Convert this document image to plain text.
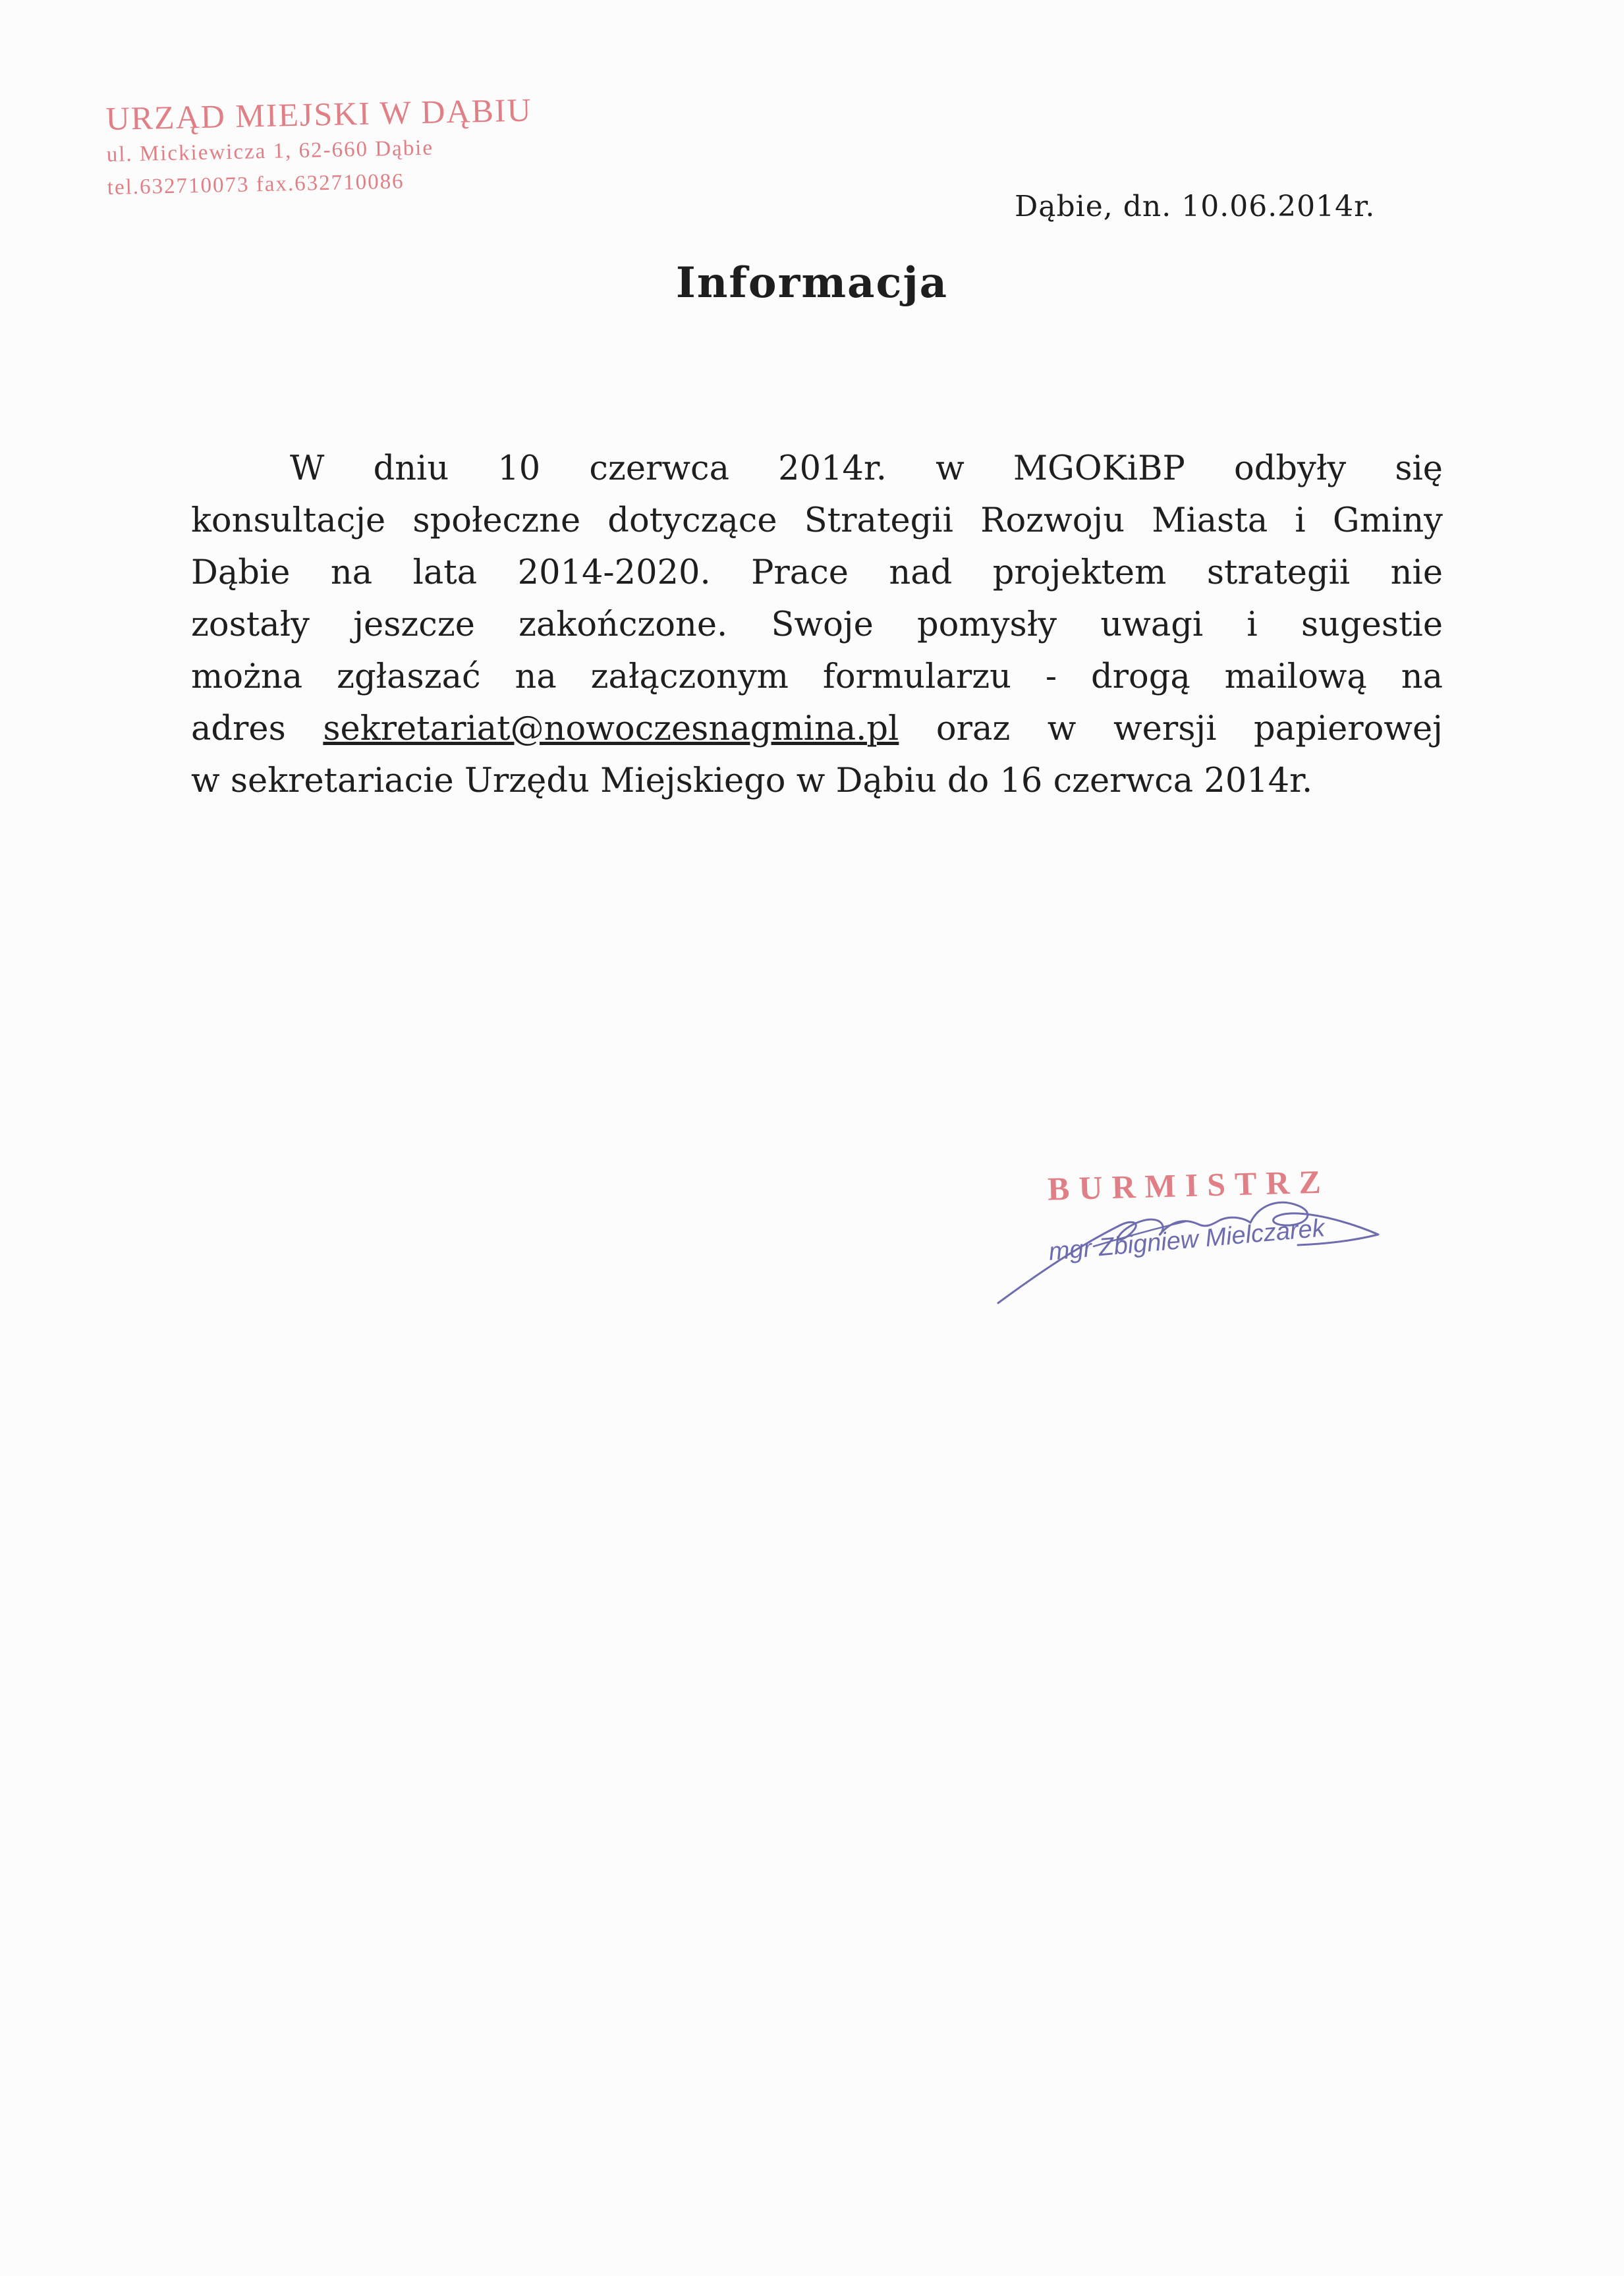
URZĄD MIEJSKI W DĄBIU
ul. Mickiewicza 1, 62-660 Dąbie
tel.632710073 fax.632710086
Dąbie, dn. 10.06.2014r.
Informacja
W dniu 10 czerwca 2014r. w MGOKiBP odbyły się
konsultacje społeczne dotyczące Strategii Rozwoju Miasta i Gminy
Dąbie na lata 2014-2020. Prace nad projektem strategii nie
zostały jeszcze zakończone. Swoje pomysły uwagi i sugestie
można zgłaszać na załączonym formularzu - drogą mailową na
adres sekretariat@nowoczesnagmina.pl oraz w wersji papierowej
w sekretariacie Urzędu Miejskiego w Dąbiu do 16 czerwca 2014r.
BURMISTRZ
mgr Zbigniew Mielczarek
